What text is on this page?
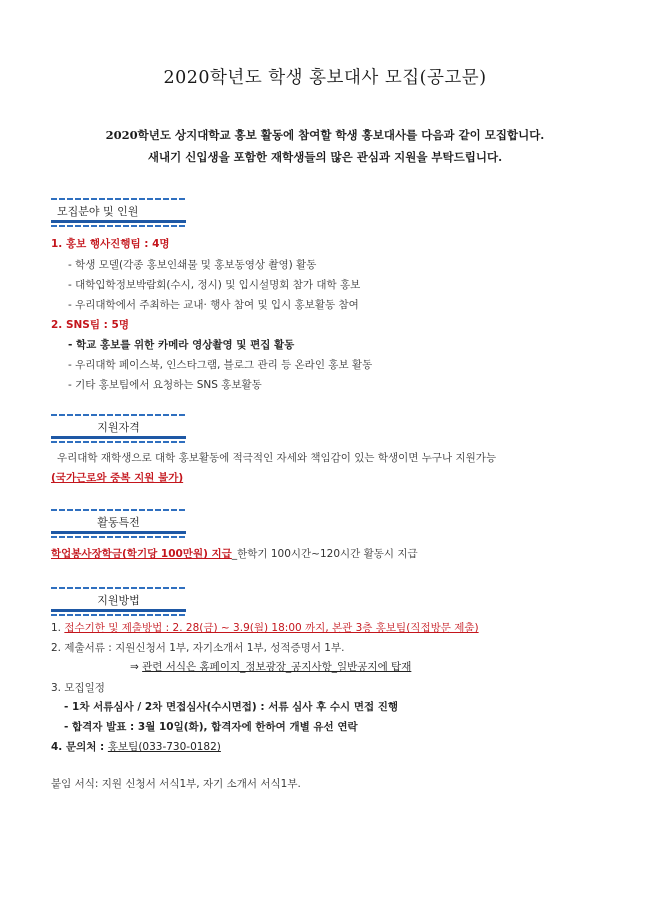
2020학년도 학생 홍보대사 모집(공고문)
2020학년도 상지대학교 홍보 활동에 참여할 학생 홍보대사를 다음과 같이 모집합니다.
새내기 신입생을 포함한 재학생들의 많은 관심과 지원을 부탁드립니다.
모집분야 및 인원
1. 홍보 행사진행팀 : 4명
- 학생 모델(각종 홍보인쇄물 및 홍보동영상 촬영) 활동
- 대학입학정보박람회(수시, 정시) 및 입시설명회 참가 대학 홍보
- 우리대학에서 주최하는 교내· 행사 참여 및 입시 홍보활동 참여
2. SNS팀 : 5명
- 학교 홍보를 위한 카메라 영상촬영 및 편집 활동
- 우리대학 페이스북, 인스타그램, 블로그 관리 등 온라인 홍보 활동
- 기타 홍보팀에서 요청하는 SNS 홍보활동
지원자격
우리대학 재학생으로 대학 홍보활동에 적극적인 자세와 책임감이 있는 학생이면 누구나 지원가능
(국가근로와 중복 지원 불가)
활동특전
학업봉사장학금(학기당 100만원) 지급_한학기 100시간~120시간 활동시 지급
지원방법
1. 접수기한 및 제출방법 : 2. 28(금) ~ 3.9(월) 18:00 까지, 본관 3층 홍보팀(직접방문 제출)
2. 제출서류 : 지원신청서 1부, 자기소개서 1부, 성적증명서 1부.
⇒ 관련 서식은 홈페이지_정보광장_공지사항_일반공지에 탑재
3. 모집일정
- 1차 서류심사 / 2차 면접심사(수시면접) : 서류 심사 후 수시 면접 진행
- 합격자 발표 : 3월 10일(화), 합격자에 한하여 개별 유선 연락
4. 문의처 : 홍보팀(033-730-0182)
붙임 서식: 지원 신청서 서식1부, 자기 소개서 서식1부.
